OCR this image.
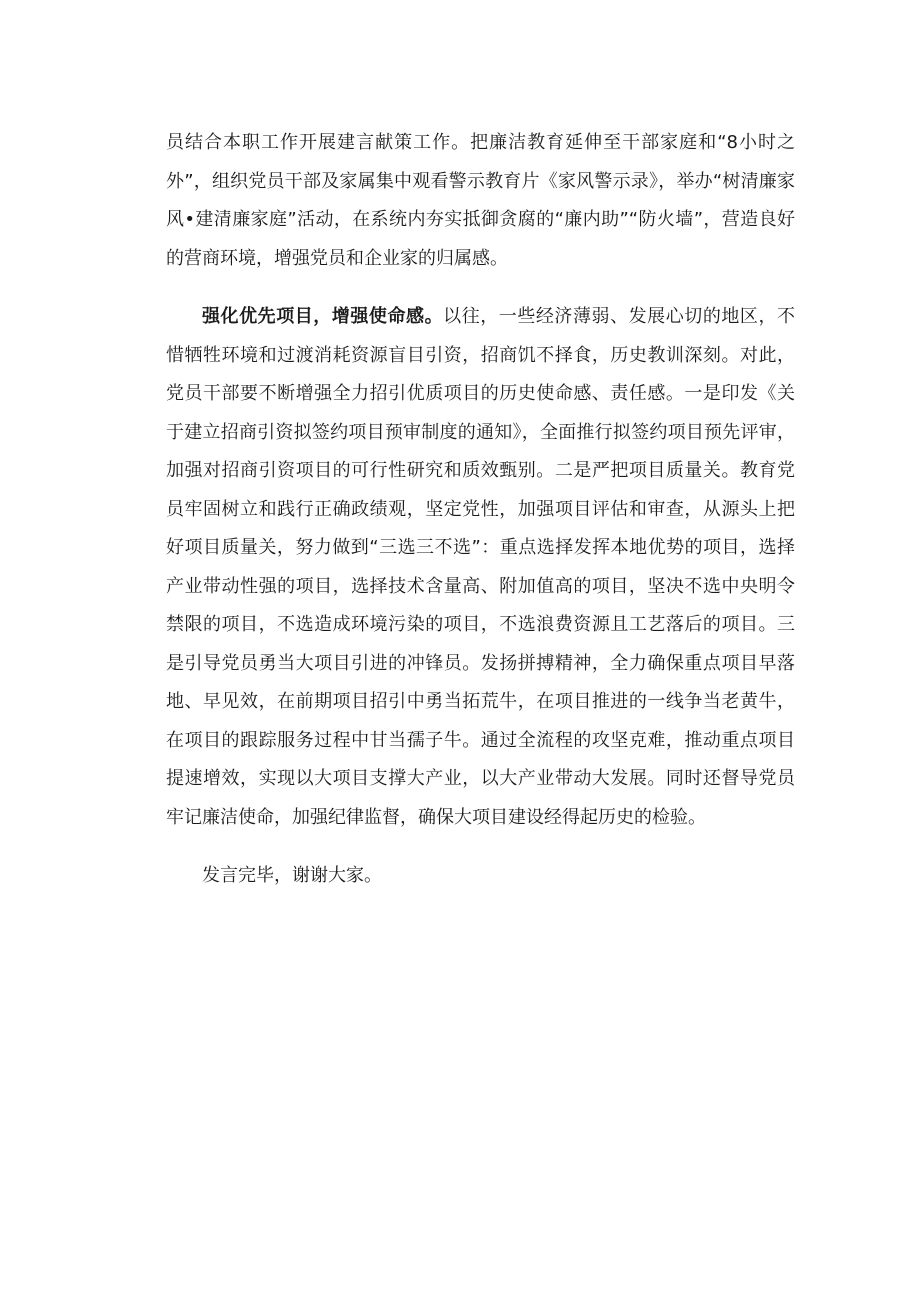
员结合本职工作开展建言献策工作。把廉洁教育延伸至干部家庭和“8小时之外”，组织党员干部及家属集中观看警示教育片《家风警示录》，举办“树清廉家风•建清廉家庭”活动，在系统内夯实抵御贪腐的“廉内助”“防火墙”，营造良好的营商环境，增强党员和企业家的归属感。

强化优先项目，增强使命感。以往，一些经济薄弱、发展心切的地区，不惜牺牲环境和过渡消耗资源盲目引资，招商饥不择食，历史教训深刻。对此，党员干部要不断增强全力招引优质项目的历史使命感、责任感。一是印发《关于建立招商引资拟签约项目预审制度的通知》，全面推行拟签约项目预先评审，加强对招商引资项目的可行性研究和质效甄别。二是严把项目质量关。教育党员牢固树立和践行正确政绩观，坚定党性，加强项目评估和审查，从源头上把好项目质量关，努力做到“三选三不选”：重点选择发挥本地优势的项目，选择产业带动性强的项目，选择技术含量高、附加值高的项目，坚决不选中央明令禁限的项目，不选造成环境污染的项目，不选浪费资源且工艺落后的项目。三是引导党员勇当大项目引进的冲锋员。发扬拼搏精神，全力确保重点项目早落地、早见效，在前期项目招引中勇当拓荒牛，在项目推进的一线争当老黄牛，在项目的跟踪服务过程中甘当孺子牛。通过全流程的攻坚克难，推动重点项目提速增效，实现以大项目支撑大产业，以大产业带动大发展。同时还督导党员牢记廉洁使命，加强纪律监督，确保大项目建设经得起历史的检验。

发言完毕，谢谢大家。
